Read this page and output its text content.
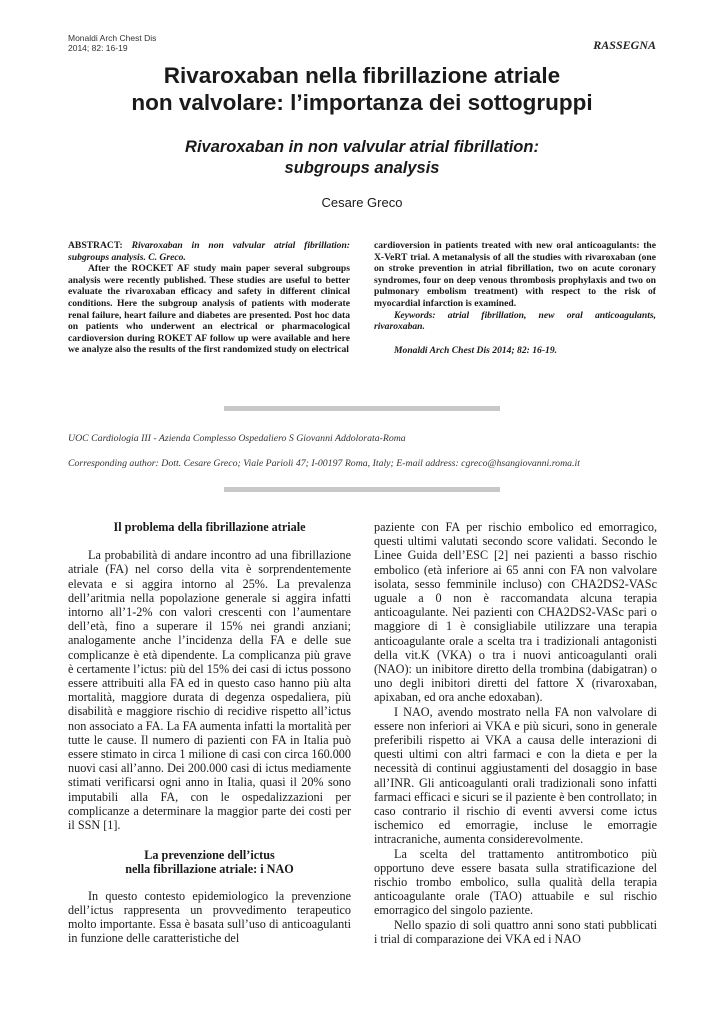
Monaldi Arch Chest Dis
2014; 82: 16-19	RASSEGNA
Rivaroxaban nella fibrillazione atriale
non valvolare: l’importanza dei sottogruppi
Rivaroxaban in non valvular atrial fibrillation:
subgroups analysis
Cesare Greco

ABSTRACT: Rivaroxaban in non valvular atrial fibrillation: subgroups analysis. C. Greco.

After the ROCKET AF study main paper several subgroups analysis were recently published. These studies are useful to better evaluate the rivaroxaban efficacy and safety in different clinical conditions. Here the subgroup analysis of patients with moderate renal failure, heart failure and diabetes are presented. Post hoc data on patients who underwent an electrical or pharmacological cardioversion during ROKET AF follow up were available and here we analyze also the results of the first randomized study on electrical

cardioversion in patients treated with new oral anticoagulants: the X-VeRT trial. A metanalysis of all the studies with rivaroxaban (one on stroke prevention in atrial fibrillation, two on acute coronary syndromes, four on deep venous thrombosis prophylaxis and two on pulmonary embolism treatment) with respect to the risk of myocardial infarction is examined.

Keywords: atrial fibrillation, new oral anticoagulants, rivaroxaban.

Monaldi Arch Chest Dis 2014; 82: 16-19.

UOC Cardiologia III - Azienda Complesso Ospedaliero S Giovanni Addolorata-Roma
Corresponding author: Dott. Cesare Greco; Viale Parioli 47; I-00197 Roma, Italy; E-mail address: cgreco@hsangiovanni.roma.it
Il problema della fibrillazione atriale

La probabilità di andare incontro ad una fibrillazione atriale (FA) nel corso della vita è sorprendentemente elevata e si aggira intorno al 25%. La prevalenza dell’aritmia nella popolazione generale si aggira infatti intorno all’1-2% con valori crescenti con l’aumentare dell’età, fino a superare il 15% nei grandi anziani; analogamente anche l’incidenza della FA e delle sue complicanze è età dipendente. La complicanza più grave è certamente l’ictus: più del 15% dei casi di ictus possono essere attribuiti alla FA ed in questo caso hanno più alta mortalità, maggiore durata di degenza ospedaliera, più disabilità e maggiore rischio di recidive rispetto all’ictus non associato a FA. La FA aumenta infatti la mortalità per tutte le cause. Il numero di pazienti con FA in Italia può essere stimato in circa 1 milione di casi con circa 160.000 nuovi casi all’anno. Dei 200.000 casi di ictus mediamente stimati verificarsi ogni anno in Italia, quasi il 20% sono imputabili alla FA, con le ospedalizzazioni per complicanze a determinare la maggior parte dei costi per il SSN [1].

La prevenzione dell’ictus
nella fibrillazione atriale: i NAO

In questo contesto epidemiologico la prevenzione dell’ictus rappresenta un provvedimento terapeutico molto importante. Essa è basata sull’uso di anticoagulanti in funzione delle caratteristiche del

paziente con FA per rischio embolico ed emorragico, questi ultimi valutati secondo score validati. Secondo le Linee Guida dell’ESC [2] nei pazienti a basso rischio embolico (età inferiore ai 65 anni con FA non valvolare isolata, sesso femminile incluso) con CHA2DS2-VASc uguale a 0 non è raccomandata alcuna terapia anticoagulante. Nei pazienti con CHA2DS2-VASc pari o maggiore di 1 è consigliabile utilizzare una terapia anticoagulante orale a scelta tra i tradizionali antagonisti della vit.K (VKA) o tra i nuovi anticoagulanti orali (NAO): un inibitore diretto della trombina (dabigatran) o uno degli inibitori diretti del fattore X (rivaroxaban, apixaban, ed ora anche edoxaban).

I NAO, avendo mostrato nella FA non valvolare di essere non inferiori ai VKA e più sicuri, sono in generale preferibili rispetto ai VKA a causa delle interazioni di questi ultimi con altri farmaci e con la dieta e per la necessità di continui aggiustamenti del dosaggio in base all’INR. Gli anticoagulanti orali tradizionali sono infatti farmaci efficaci e sicuri se il paziente è ben controllato; in caso contrario il rischio di eventi avversi come ictus ischemico ed emorragie, incluse le emorragie intracraniche, aumenta considerevolmente.

La scelta del trattamento antitrombotico più opportuno deve essere basata sulla stratificazione del rischio trombo embolico, sulla qualità della terapia anticoagulante orale (TAO) attuabile e sul rischio emorragico del singolo paziente.

Nello spazio di soli quattro anni sono stati pubblicati i trial di comparazione dei VKA ed i NAO
